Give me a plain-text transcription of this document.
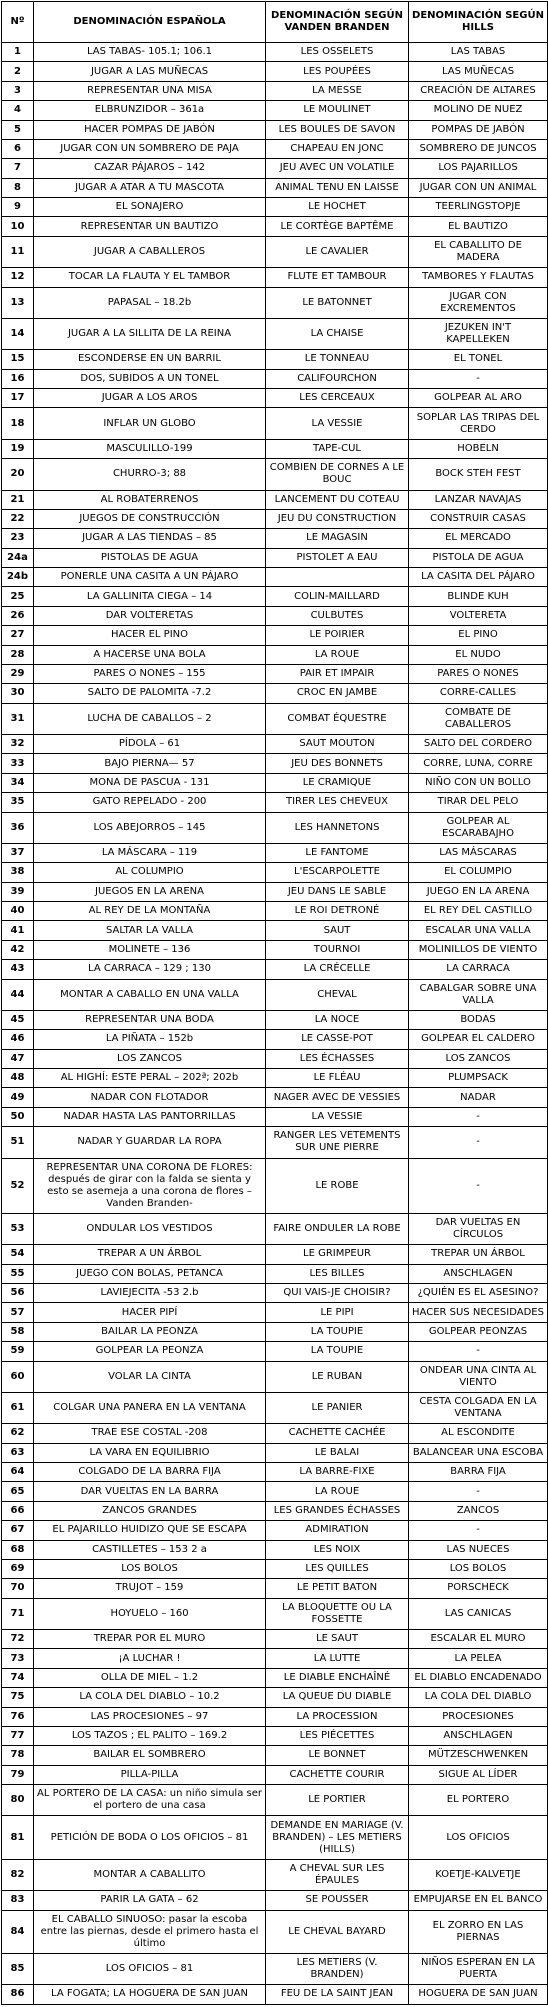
Nº	DENOMINACIÓN ESPAÑOLA	DENOMINACIÓN SEGÚN VANDEN BRANDEN	DENOMINACIÓN SEGÚN HILLS
1	LAS TABAS- 105.1; 106.1	LES OSSELETS	LAS TABAS
2	JUGAR A LAS MUÑECAS	LES POUPÉES	LAS MUÑECAS
3	REPRESENTAR UNA MISA	LA MESSE	CREACIÓN DE ALTARES
4	ELBRUNZIDOR – 361a	LE MOULINET	MOLINO DE NUEZ
5	HACER POMPAS DE JABÓN	LES BOULES DE SAVON	POMPAS DE JABÓN
6	JUGAR CON UN SOMBRERO DE PAJA	CHAPEAU EN JONC	SOMBRERO DE JUNCOS
7	CAZAR PÁJAROS – 142	JEU AVEC UN VOLATILE	LOS PAJARILLOS
8	JUGAR A ATAR A TU MASCOTA	ANIMAL TENU EN LAISSE	JUGAR CON UN ANIMAL
9	EL SONAJERO	LE HOCHET	TEERLINGSTOPJE
10	REPRESENTAR UN BAUTIZO	LE CORTÈGE BAPTÊME	EL BAUTIZO
11	JUGAR A CABALLEROS	LE CAVALIER	EL CABALLITO DE MADERA
12	TOCAR LA FLAUTA Y EL TAMBOR	FLUTE ET TAMBOUR	TAMBORES Y FLAUTAS
13	PAPASAL – 18.2b	LE BATONNET	JUGAR CON EXCREMENTOS
14	JUGAR A LA SILLITA DE LA REINA	LA CHAISE	JEZUKEN IN'T KAPELLEKEN
15	ESCONDERSE EN UN BARRIL	LE TONNEAU	EL TONEL
16	DOS, SUBIDOS A UN TONEL	CALIFOURCHON	-
17	JUGAR A LOS AROS	LES CERCEAUX	GOLPEAR AL ARO
18	INFLAR UN GLOBO	LA VESSIE	SOPLAR LAS TRIPAS DEL CERDO
19	MASCULILLO-199	TAPE-CUL	HOBELN
20	CHURRO-3; 88	COMBIEN DE CORNES A LE BOUC	BOCK STEH FEST
21	AL ROBATERRENOS	LANCEMENT DU COTEAU	LANZAR NAVAJAS
22	JUEGOS DE CONSTRUCCIÓN	JEU DU CONSTRUCTION	CONSTRUIR CASAS
23	JUGAR A LAS TIENDAS – 85	LE MAGASIN	EL MERCADO
24a	PISTOLAS DE AGUA	PISTOLET A EAU	PISTOLA DE AGUA
24b	PONERLE UNA CASITA A UN PÁJARO		LA CASITA DEL PÁJARO
25	LA GALLINITA CIEGA – 14	COLIN-MAILLARD	BLINDE KUH
26	DAR VOLTERETAS	CULBUTES	VOLTERETA
27	HACER EL PINO	LE POIRIER	EL PINO
28	A HACERSE UNA BOLA	LA ROUE	EL NUDO
29	PARES O NONES – 155	PAIR ET IMPAIR	PARES O NONES
30	SALTO DE PALOMITA -7.2	CROC EN JAMBE	CORRE-CALLES
31	LUCHA DE CABALLOS – 2	COMBAT ÉQUESTRE	COMBATE DE CABALLEROS
32	PÍDOLA – 61	SAUT MOUTON	SALTO DEL CORDERO
33	BAJO PIERNA— 57	JEU DES BONNETS	CORRE, LUNA, CORRE
34	MONA DE PASCUA - 131	LE CRAMIQUE	NIÑO CON UN BOLLO
35	GATO REPELADO - 200	TIRER LES CHEVEUX	TIRAR DEL PELO
36	LOS ABEJORROS – 145	LES HANNETONS	GOLPEAR AL ESCARABAJHO
37	LA MÁSCARA – 119	LE FANTOME	LAS MÁSCARAS
38	AL COLUMPIO	L'ESCARPOLETTE	EL COLUMPIO
39	JUEGOS EN LA ARENA	JEU DANS LE SABLE	JUEGO EN LA ARENA
40	AL REY DE LA MONTAÑA	LE ROI DETRONÉ	EL REY DEL CASTILLO
41	SALTAR LA VALLA	SAUT	ESCALAR UNA VALLA
42	MOLINETE – 136	TOURNOI	MOLINILLOS DE VIENTO
43	LA CARRACA – 129 ; 130	LA CRÉCELLE	LA CARRACA
44	MONTAR A CABALLO EN UNA VALLA	CHEVAL	CABALGAR SOBRE UNA VALLA
45	REPRESENTAR UNA BODA	LA NOCE	BODAS
46	LA PIÑATA – 152b	LE CASSE-POT	GOLPEAR EL CALDERO
47	LOS ZANCOS	LES ÉCHASSES	LOS ZANCOS
48	AL HIGHÍ: ESTE PERAL – 202ª; 202b	LE FLÉAU	PLUMPSACK
49	NADAR CON FLOTADOR	NAGER AVEC DE VESSIES	NADAR
50	NADAR HASTA LAS PANTORRILLAS	LA VESSIE	-
51	NADAR Y GUARDAR LA ROPA	RANGER LES VETEMENTS SUR UNE PIERRE	-
52	REPRESENTAR UNA CORONA DE FLORES: después de girar con la falda se sienta y esto se asemeja a una corona de flores –Vanden Branden-	LE ROBE	-
53	ONDULAR LOS VESTIDOS	FAIRE ONDULER LA ROBE	DAR VUELTAS EN CÍRCULOS
54	TREPAR A UN ÁRBOL	LE GRIMPEUR	TREPAR UN ÁRBOL
55	JUEGO CON BOLAS, PETANCA	LES BILLES	ANSCHLAGEN
56	LAVIEJECITA -53 2.b	QUI VAIS-JE CHOISIR?	¿QUIÉN ES EL ASESINO?
57	HACER PIPÍ	LE PIPI	HACER SUS NECESIDADES
58	BAILAR LA PEONZA	LA TOUPIE	GOLPEAR PEONZAS
59	GOLPEAR LA PEONZA	LA TOUPIE	-
60	VOLAR LA CINTA	LE RUBAN	ONDEAR UNA CINTA AL VIENTO
61	COLGAR UNA PANERA EN LA VENTANA	LE PANIER	CESTA COLGADA EN LA VENTANA
62	TRAE ESE COSTAL -208	CACHETTE CACHÉE	AL ESCONDITE
63	LA VARA EN EQUILIBRIO	LE BALAI	BALANCEAR UNA ESCOBA
64	COLGADO DE LA BARRA FIJA	LA BARRE-FIXE	BARRA FIJA
65	DAR VUELTAS EN LA BARRA	LA ROUE	-
66	ZANCOS GRANDES	LES GRANDES ÉCHASSES	ZANCOS
67	EL PAJARILLO HUIDIZO QUE SE ESCAPA	ADMIRATION	-
68	CASTILLETES – 153 2 a	LES NOIX	LAS NUECES
69	LOS BOLOS	LES QUILLES	LOS BOLOS
70	TRUJOT – 159	LE PETIT BATON	PORSCHECK
71	HOYUELO – 160	LA BLOQUETTE OU LA FOSSETTE	LAS CANICAS
72	TREPAR POR EL MURO	LE SAUT	ESCALAR EL MURO
73	¡A LUCHAR !	LA LUTTE	LA PELEA
74	OLLA DE MIEL – 1.2	LE DIABLE ENCHAÎNÉ	EL DIABLO ENCADENADO
75	LA COLA DEL DIABLO – 10.2	LA QUEUE DU DIABLE	LA COLA DEL DIABLO
76	LAS PROCESIONES – 97	LA PROCESSION	PROCESIONES
77	LOS TAZOS ; EL PALITO – 169.2	LES PIÉCETTES	ANSCHLAGEN
78	BAILAR EL SOMBRERO	LE BONNET	MÜTZESCHWENKEN
79	PILLA-PILLA	CACHETTE COURIR	SIGUE AL LÍDER
80	AL PORTERO DE LA CASA: un niño simula ser el portero de una casa	LE PORTIER	EL PORTERO
81	PETICIÓN DE BODA O LOS OFICIOS – 81	DEMANDE EN MARIAGE (V. BRANDEN) – LES METIERS (HILLS)	LOS OFICIOS
82	MONTAR A CABALLITO	A CHEVAL SUR LES ÉPAULES	KOETJE-KALVETJE
83	PARIR LA GATA – 62	SE POUSSER	EMPUJARSE EN EL BANCO
84	EL CABALLO SINUOSO: pasar la escoba entre las piernas, desde el primero hasta el último	LE CHEVAL BAYARD	EL ZORRO EN LAS PIERNAS
85	LOS OFICIOS – 81	LES METIERS (V. BRANDEN)	NIÑOS ESPERAN EN LA PUERTA
86	LA FOGATA; LA HOGUERA DE SAN JUAN	FEU DE LA SAINT JEAN	HOGUERA DE SAN JUAN
